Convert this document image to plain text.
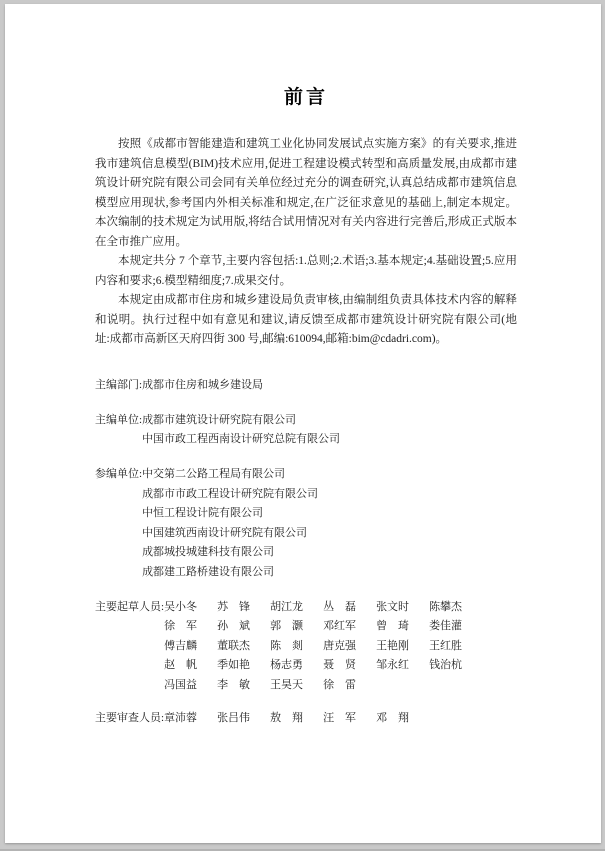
前言

按照《成都市智能建造和建筑工业化协同发展试点实施方案》的有关要求,推进我市建筑信息模型(BIM)技术应用,促进工程建设模式转型和高质量发展,由成都市建筑设计研究院有限公司会同有关单位经过充分的调查研究,认真总结成都市建筑信息模型应用现状,参考国内外相关标准和规定,在广泛征求意见的基础上,制定本规定。本次编制的技术规定为试用版,将结合试用情况对有关内容进行完善后,形成正式版本在全市推广应用。

本规定共分 7 个章节,主要内容包括:1.总则;2.术语;3.基本规定;4.基础设置;5.应用内容和要求;6.模型精细度;7.成果交付。

本规定由成都市住房和城乡建设局负责审核,由编制组负责具体技术内容的解释和说明。执行过程中如有意见和建议,请反馈至成都市建筑设计研究院有限公司(地址:成都市高新区天府四街 300 号,邮编:610094,邮箱:bim@cdadri.com)。

主编部门: 成都市住房和城乡建设局
主编单位: 成都市建筑设计研究院有限公司
中国市政工程西南设计研究总院有限公司
参编单位: 中交第二公路工程局有限公司
成都市市政工程设计研究院有限公司
中恒工程设计院有限公司
中国建筑西南设计研究院有限公司
成都城投城建科技有限公司
成都建工路桥建设有限公司
主要起草人员: 吴小冬	苏　锋	胡江龙	丛　磊	张文时	陈攀杰
徐　军	孙　斌	郭　灏	邓红军	曾　琦	娄佳灌
傅吉麟	董联杰	陈　剡	唐克强	王艳刚	王红胜
赵　帆	季如艳	杨志勇	聂　贤	邹永红	钱治杭
冯国益	李　敏	王昊天	徐　雷
主要审查人员: 章沛蓉	张吕伟	敖　翔	汪　军	邓　翔
